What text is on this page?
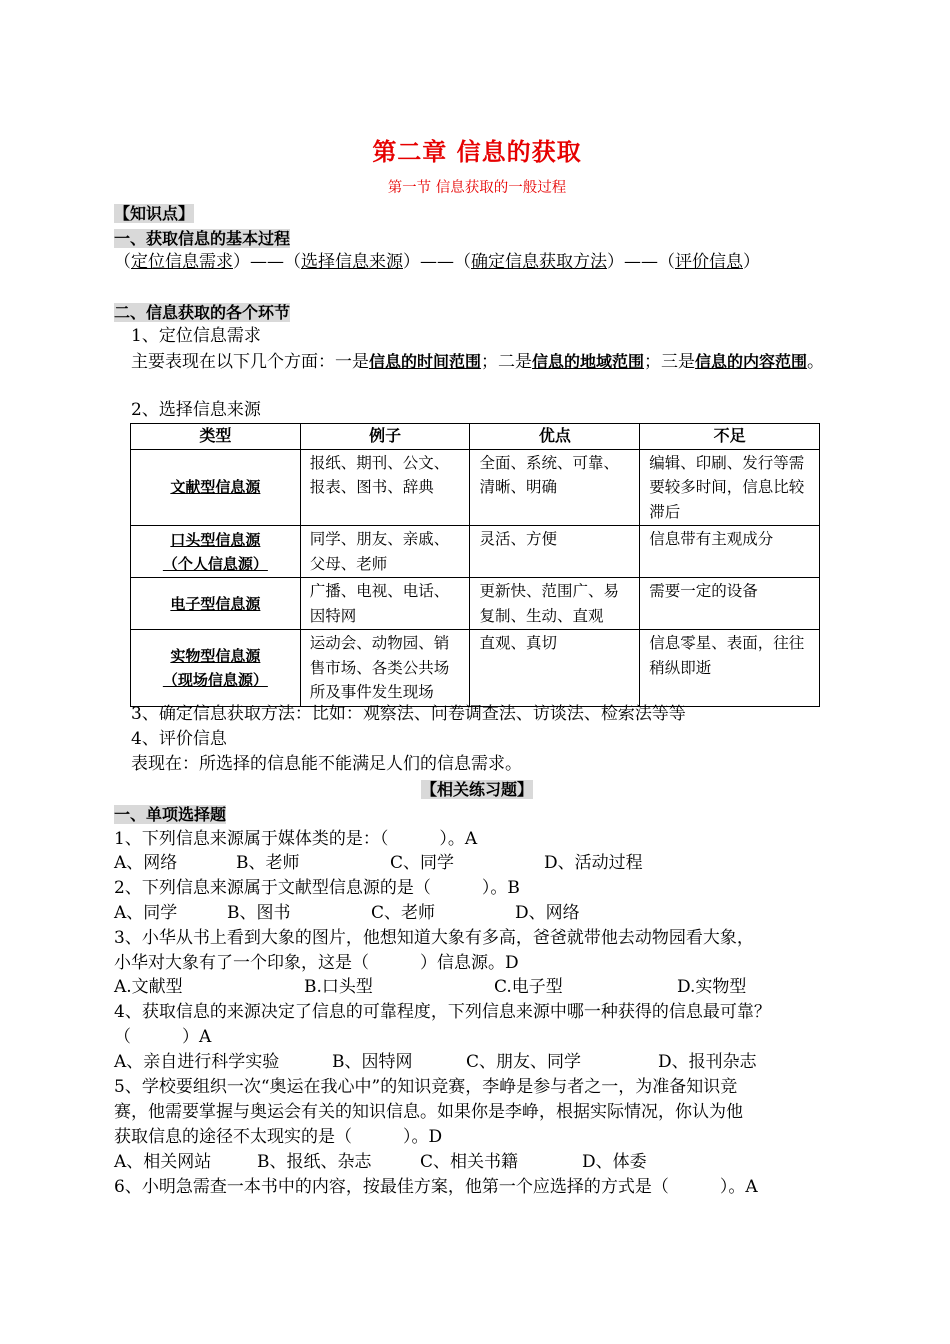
第二章 信息的获取
第一节 信息获取的一般过程
【知识点】
一、获取信息的基本过程
（定位信息需求）——（选择信息来源）——（确定信息获取方法）——（评价信息）
二、信息获取的各个环节
1、定位信息需求
主要表现在以下几个方面：一是信息的时间范围；二是信息的地域范围；三是信息的内容范围。
2、选择信息来源
类型	例子	优点	不足

文献型信息源	报纸、期刊、公文、报表、图书、辞典	全面、系统、可靠、清晰、明确	编辑、印刷、发行等需要较多时间，信息比较滞后

口头型信息源
（个人信息源）	同学、朋友、亲戚、父母、老师	灵活、方便	信息带有主观成分

电子型信息源	广播、电视、电话、因特网	更新快、范围广、易复制、生动、直观	需要一定的设备

实物型信息源
（现场信息源）	运动会、动物园、销售市场、各类公共场所及事件发生现场	直观、真切	信息零星、表面，往往稍纵即逝
3、确定信息获取方法：比如：观察法、问卷调查法、访谈法、检索法等等
4、评价信息
表现在：所选择的信息能不能满足人们的信息需求。
【相关练习题】
一、单项选择题
1、下列信息来源属于媒体类的是：（　　　）。A
A、网络	B、老师	C、同学	D、活动过程
2、下列信息来源属于文献型信息源的是（　　　）。B
A、同学	B、图书	C、老师	D、网络
3、小华从书上看到大象的图片，他想知道大象有多高，爸爸就带他去动物园看大象，
小华对大象有了一个印象，这是（　　　）信息源。D
A.文献型	B.口头型	C.电子型	D.实物型
4、获取信息的来源决定了信息的可靠程度，下列信息来源中哪一种获得的信息最可靠？
（　　　）A
A、亲自进行科学实验	B、因特网	C、朋友、同学	D、报刊杂志
5、学校要组织一次“奥运在我心中”的知识竞赛，李峥是参与者之一，为准备知识竞
赛，他需要掌握与奥运会有关的知识信息。如果你是李峥，根据实际情况，你认为他
获取信息的途径不太现实的是（　　　）。D
A、相关网站	B、报纸、杂志	C、相关书籍	D、体委
6、小明急需查一本书中的内容，按最佳方案，他第一个应选择的方式是（　　　）。A
